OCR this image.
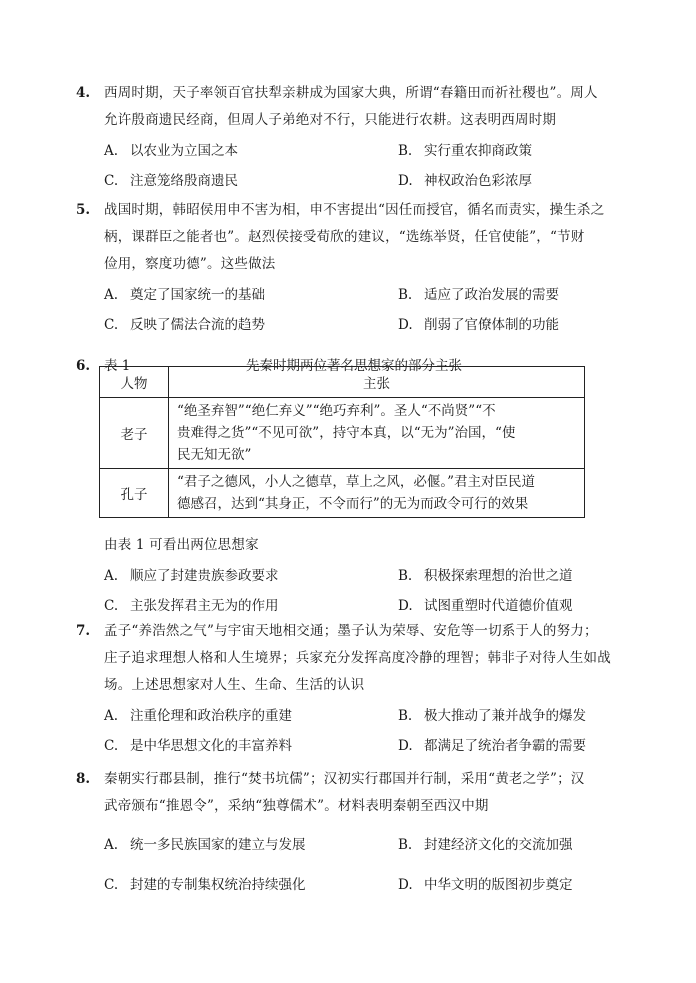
4.	西周时期，天子率领百官扶犁亲耕成为国家大典，所谓“春籍田而祈社稷也”。周人
允许殷商遗民经商，但周人子弟绝对不行，只能进行农耕。这表明西周时期
A. 以农业为立国之本	B. 实行重农抑商政策
C. 注意笼络殷商遗民	D. 神权政治色彩浓厚
5.	战国时期，韩昭侯用申不害为相，申不害提出“因任而授官，循名而责实，操生杀之
柄，课群臣之能者也”。赵烈侯接受荀欣的建议，“选练举贤，任官使能”，“节财
俭用，察度功德”。这些做法
A. 奠定了国家统一的基础	B. 适应了政治发展的需要
C. 反映了儒法合流的趋势	D. 削弱了官僚体制的功能
6. 表 1	先秦时期两位著名思想家的部分主张
人物	主张
老子	“绝圣弃智”“绝仁弃义”“绝巧弃利”。圣人“不尚贤”“不
贵难得之货”“不见可欲”，持守本真，以“无为”治国，“使
民无知无欲”

孔子	“君子之德风，小人之德草，草上之风，必偃。”君主对臣民道
德感召，达到“其身正，不令而行”的无为而政令可行的效果
由表 1 可看出两位思想家
A. 顺应了封建贵族参政要求	B. 积极探索理想的治世之道
C. 主张发挥君主无为的作用	D. 试图重塑时代道德价值观
7.	孟子“养浩然之气”与宇宙天地相交通；墨子认为荣辱、安危等一切系于人的努力；
庄子追求理想人格和人生境界；兵家充分发挥高度冷静的理智；韩非子对待人生如战
场。上述思想家对人生、生命、生活的认识
A. 注重伦理和政治秩序的重建	B. 极大推动了兼并战争的爆发
C. 是中华思想文化的丰富养料	D. 都满足了统治者争霸的需要
8.	秦朝实行郡县制，推行“焚书坑儒”；汉初实行郡国并行制，采用“黄老之学”；汉
武帝颁布“推恩令”，采纳“独尊儒术”。材料表明秦朝至西汉中期
A. 统一多民族国家的建立与发展	B. 封建经济文化的交流加强
C. 封建的专制集权统治持续强化	D. 中华文明的版图初步奠定
